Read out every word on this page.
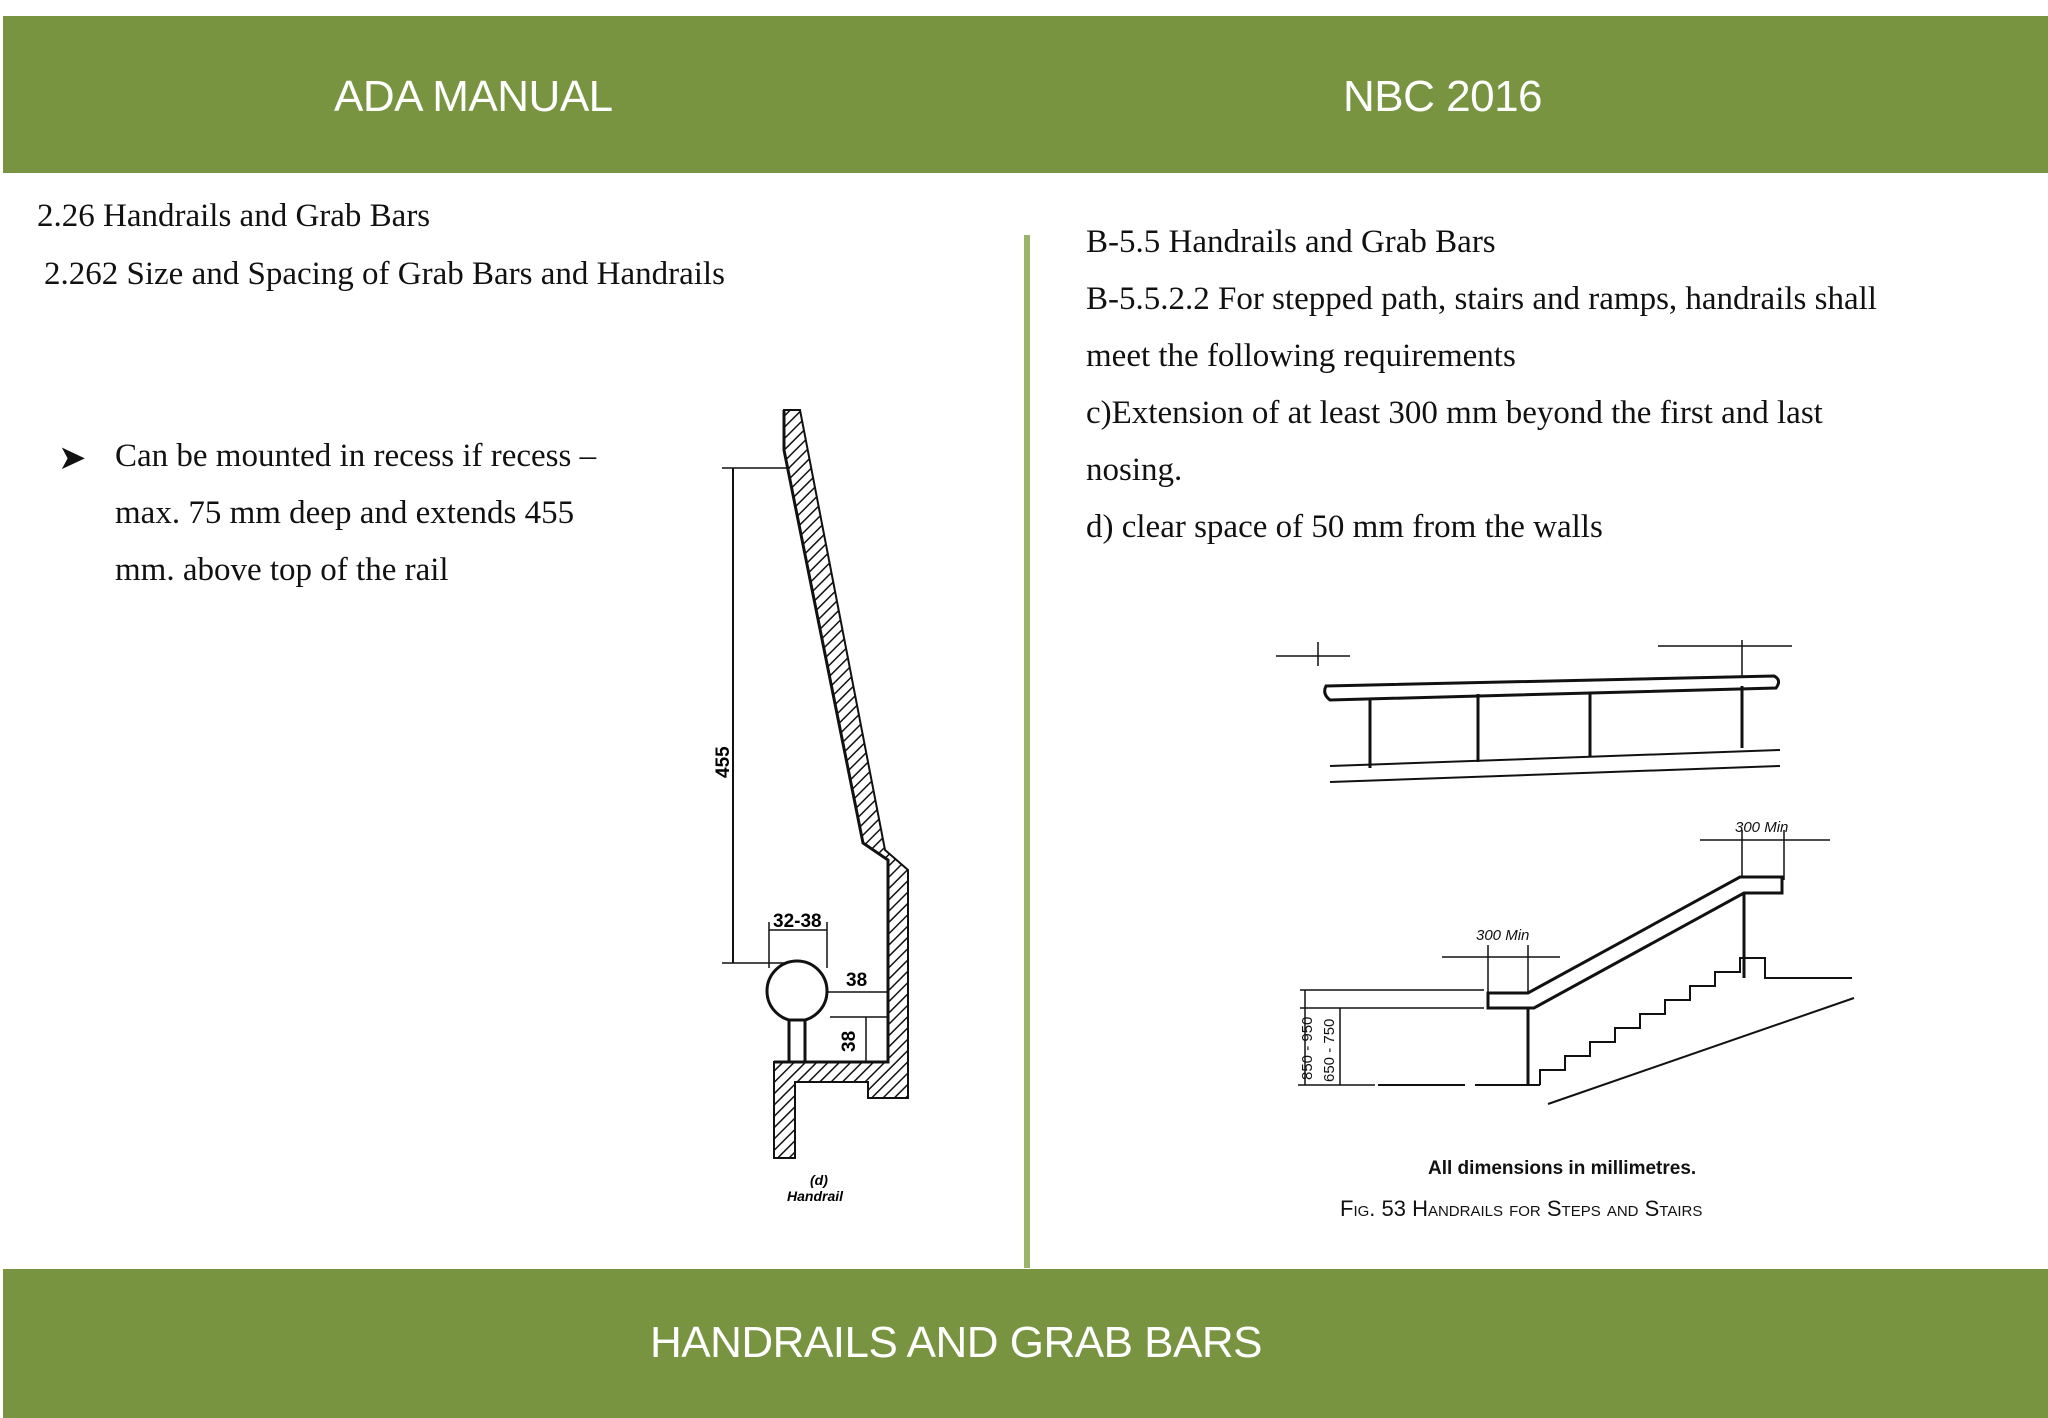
ADA MANUAL	NBC 2016
2.26 Handrails and Grab Bars
2.262 Size and Spacing of Grab Bars and Handrails
➤ Can be mounted in recess if recess –
max. 75 mm deep and extends 455
mm. above top of the rail
455
32-38
38
38
(d)
Handrail
B-5.5 Handrails and Grab Bars
B-5.5.2.2 For stepped path, stairs and ramps, handrails shall
meet the following requirements
c)Extension of at least 300 mm beyond the first and last
nosing.
d) clear space of 50 mm from the walls
300 Min
300 Min
850 - 950 650 - 750
All dimensions in millimetres.
Fig. 53 Handrails for Steps and Stairs
HANDRAILS AND GRAB BARS
